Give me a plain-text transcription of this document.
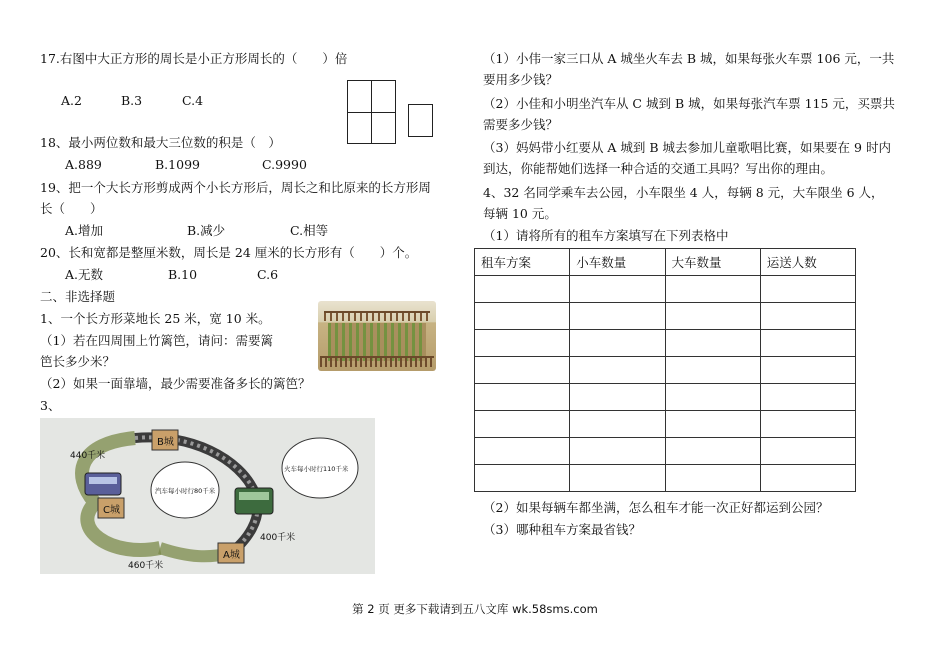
17.右图中大正方形的周长是小正方形周长的（　　）倍
A.2	B.3	C.4
18、最小两位数和最大三位数的积是（　）
A.889	B.1099	C.9990
19、把一个大长方形剪成两个小长方形后，周长之和比原来的长方形周
长（　　）
A.增加	B.减少	C.相等
20、长和宽都是整厘米数，周长是 24 厘米的长方形有（　　）个。
A.无数	B.10	C.6
二、非选择题
1、一个长方形菜地长 25 米，宽 10 米。
（1）若在四周围上竹篱笆，请问：需要篱
笆长多少米？
（2）如果一面靠墙，最少需要准备多长的篱笆？
3、
B城
C城
A城
440千米
400千米
460千米
汽车每小时行80千米
火车每小时行110千米
（1）小伟一家三口从 A 城坐火车去 B 城，如果每张火车票 106 元，一共
要用多少钱？
（2）小佳和小明坐汽车从 C 城到 B 城，如果每张汽车票 115 元，买票共
需要多少钱？
（3）妈妈带小红要从 A 城到 B 城去参加儿童歌唱比赛，如果要在 9 时内
到达，你能帮她们选择一种合适的交通工具吗？写出你的理由。
4、32 名同学乘车去公园，小车限坐 4 人，每辆 8 元，大车限坐 6 人，
每辆 10 元。
（1）请将所有的租车方案填写在下列表格中
租车方案	小车数量	大车数量	运送人数

（2）如果每辆车都坐满，怎么租车才能一次正好都运到公园？
（3）哪种租车方案最省钱？
第 2 页 更多下载请到五八文库 wk.58sms.com
